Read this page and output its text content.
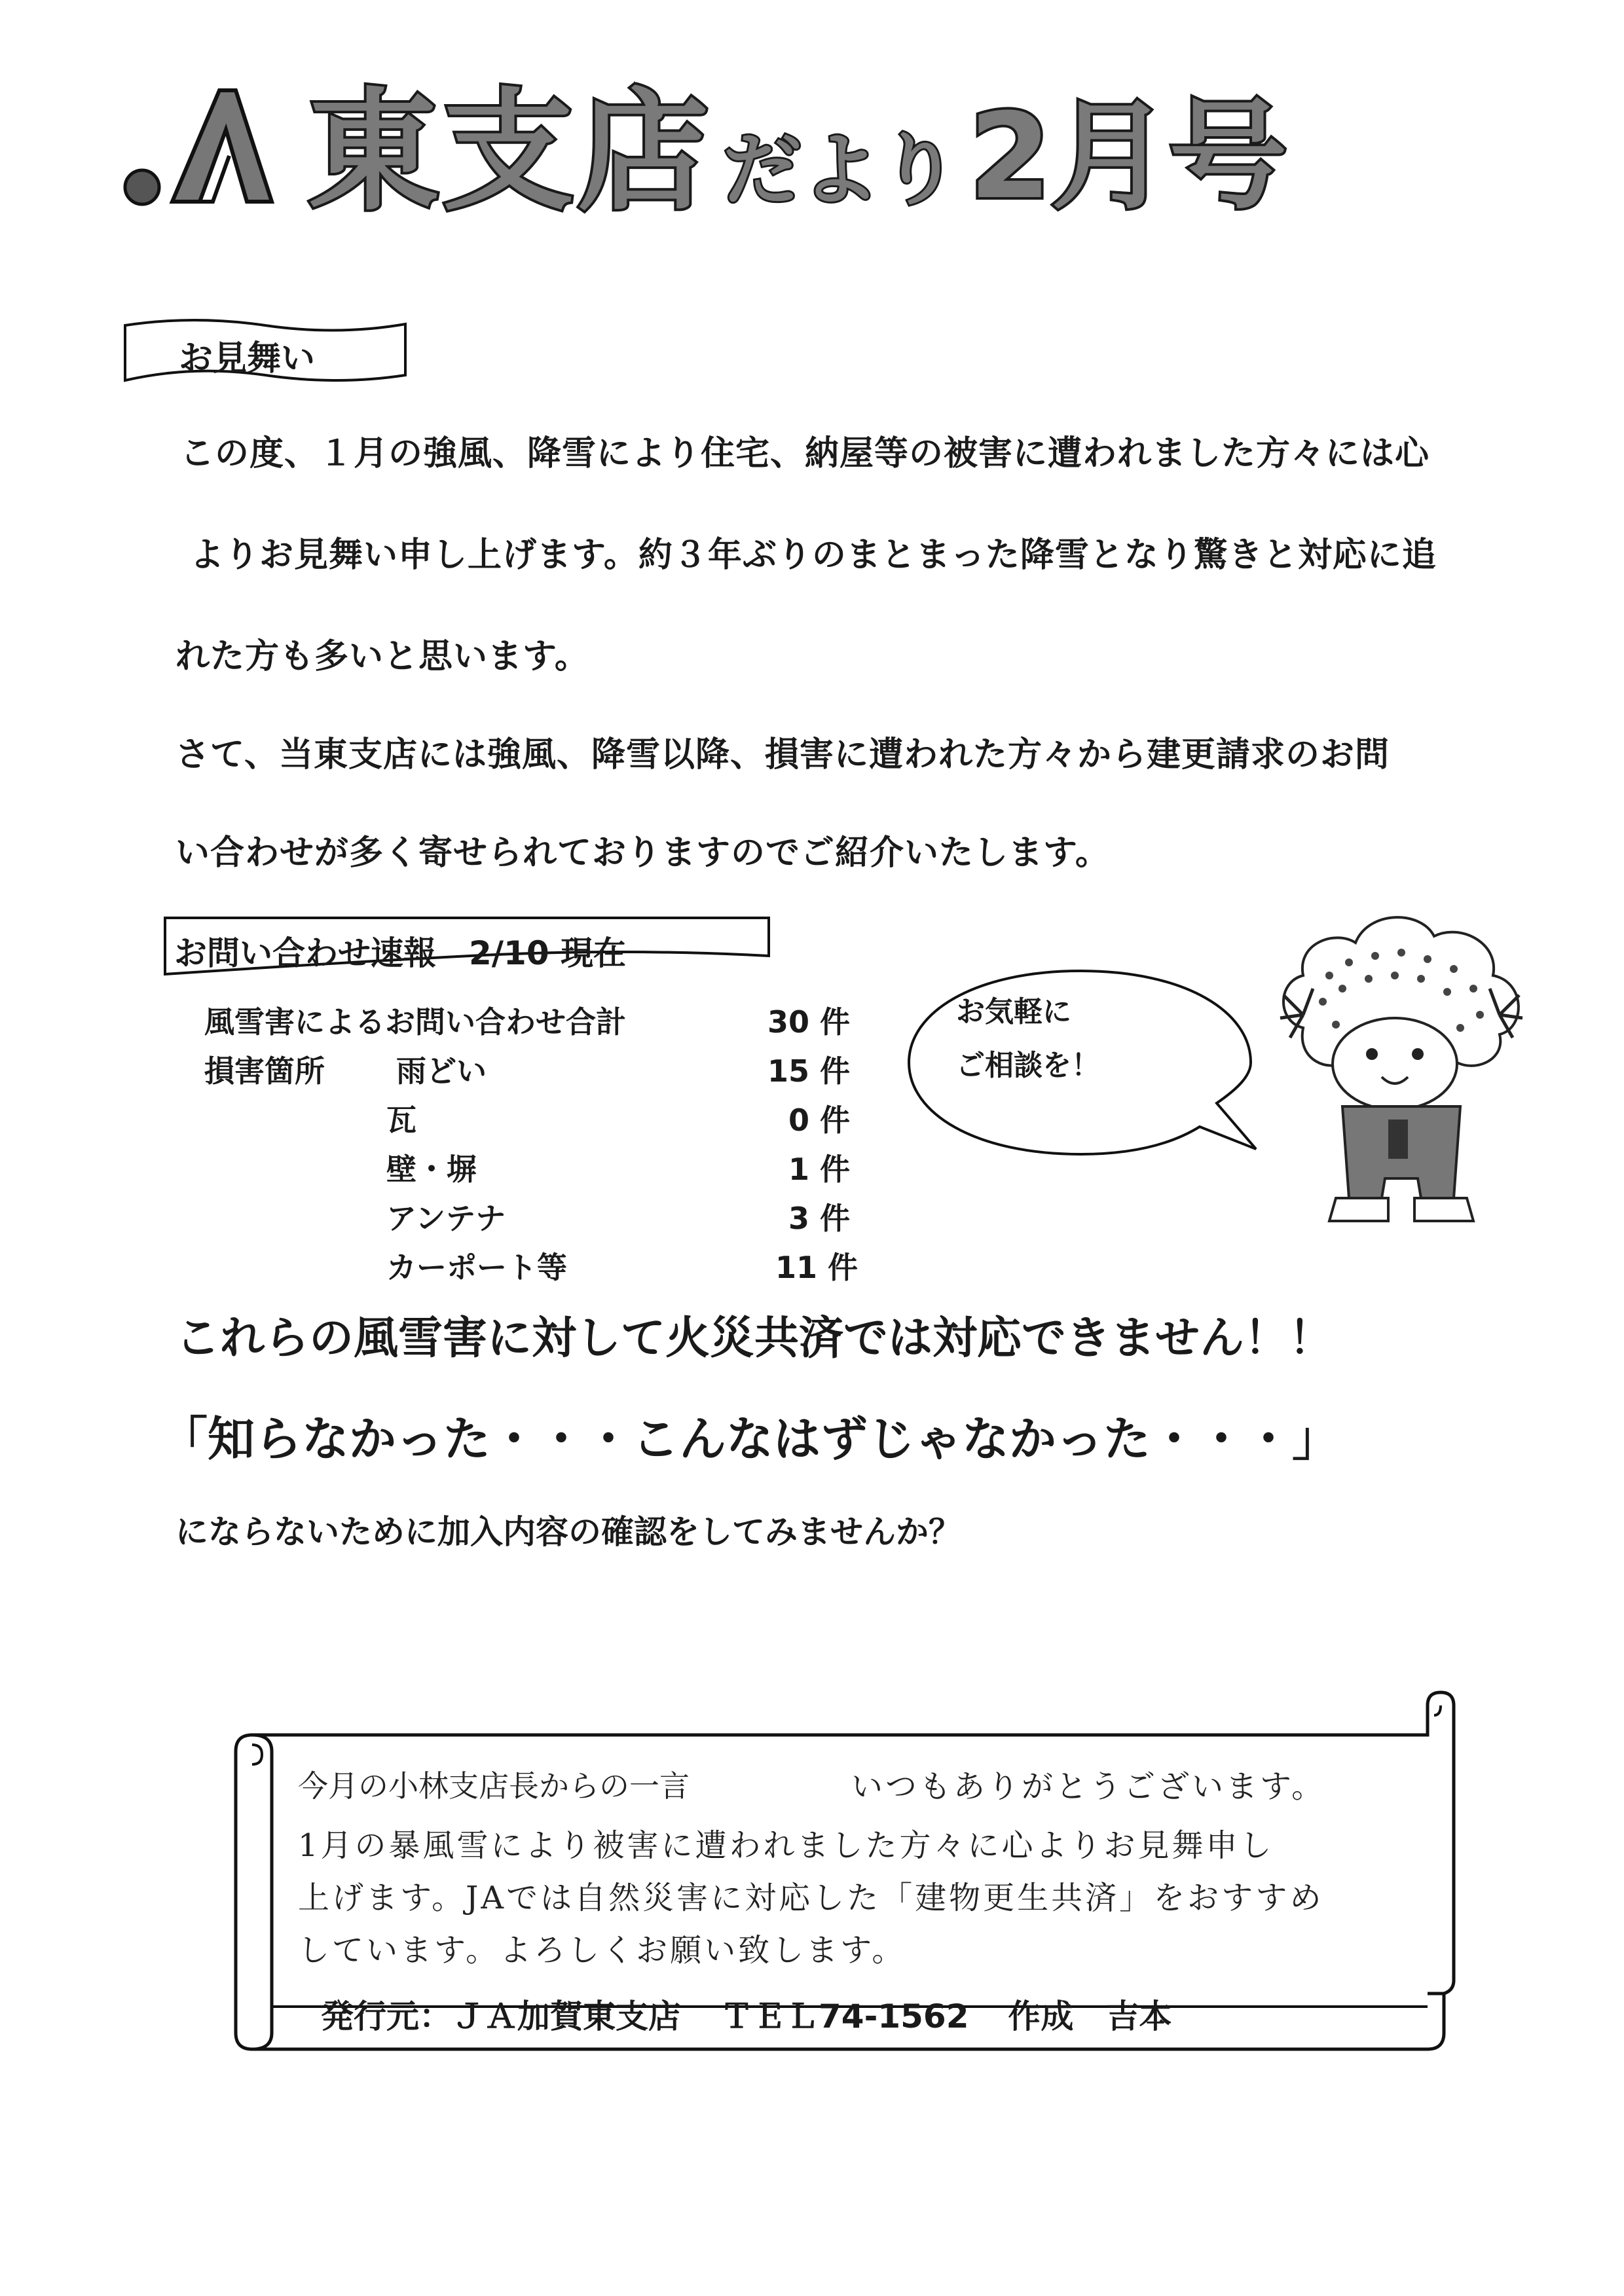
東支店 だより2月号
お見舞い
この度、１月の強風、降雪により住宅、納屋等の被害に遭われました方々には心
よりお見舞い申し上げます。約３年ぶりのまとまった降雪となり驚きと対応に追
れた方も多いと思います。
さて、当東支店には強風、降雪以降、損害に遭われた方々から建更請求のお問
い合わせが多く寄せられておりますのでご紹介いたします。
お問い合わせ速報　2/10 現在
風雪害によるお問い合わせ合計	30 件
損害箇所 雨どい	15 件
瓦	0 件
壁・塀	1 件
アンテナ	3 件
カーポート等	11 件
お気軽に
ご相談を！
これらの風雪害に対して火災共済では対応できません！！
「知らなかった・・・こんなはずじゃなかった・・・」
にならないために加入内容の確認をしてみませんか？
今月の小林支店長からの一言	いつもありがとうございます。
1月の暴風雪により被害に遭われました方々に心よりお見舞申し
上げます。JAでは自然災害に対応した「建物更生共済」をおすすめ
しています。よろしくお願い致します。
発行元：ＪＡ加賀東支店 ＴＥＬ74-1562 作成　吉本
